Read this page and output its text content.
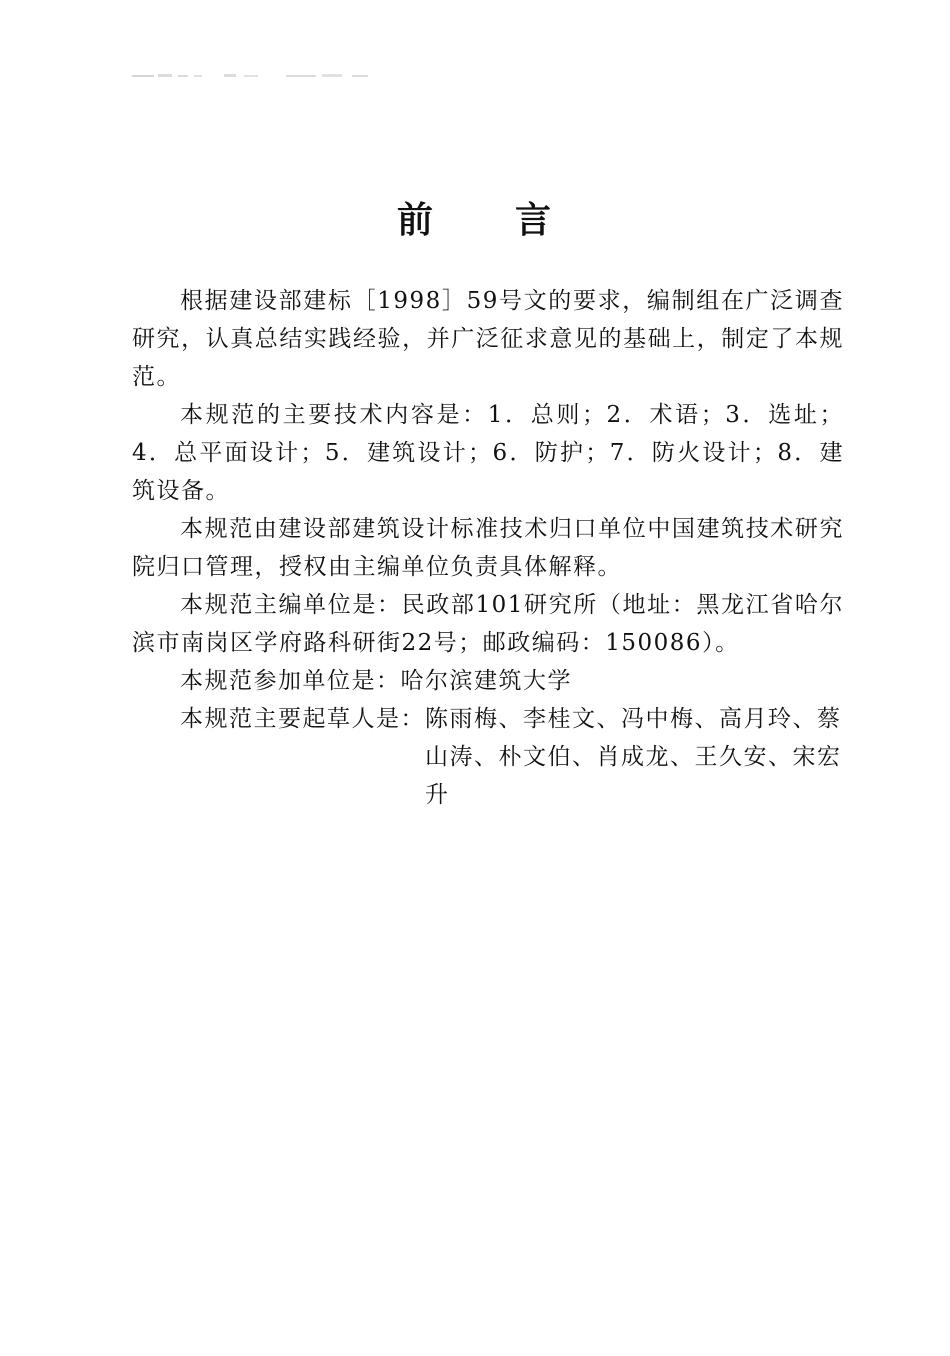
前 言

根据建设部建标［1998］59号文的要求，编制组在广泛调查研究，认真总结实践经验，并广泛征求意见的基础上，制定了本规范。

本规范的主要技术内容是：1．总则；2．术语；3．选址；4．总平面设计；5．建筑设计；6．防护；7．防火设计；8．建筑设备。

本规范由建设部建筑设计标准技术归口单位中国建筑技术研究院归口管理，授权由主编单位负责具体解释。

本规范主编单位是：民政部101研究所（地址：黑龙江省哈尔滨市南岗区学府路科研街22号；邮政编码：150086）。

本规范参加单位是：哈尔滨建筑大学

本规范主要起草人是： 陈雨梅、李桂文、冯中梅、高月玲、蔡山涛、朴文伯、肖成龙、王久安、宋宏升
